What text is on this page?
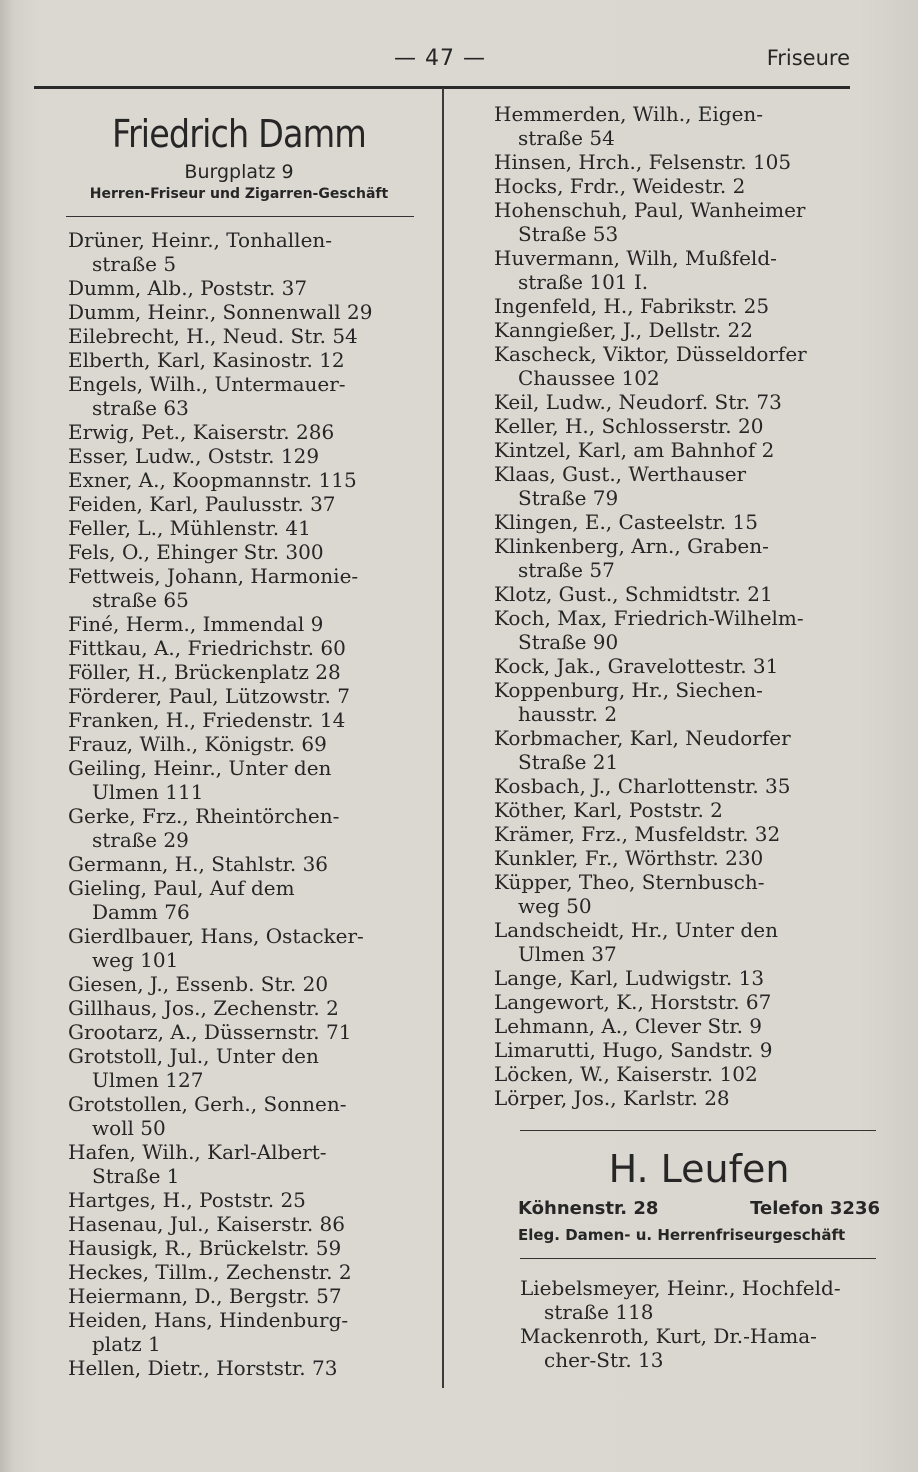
— 47 —	Friseure
Friedrich Damm
Burgplatz 9
Herren-Friseur und Zigarren-Geschäft
Drüner, Heinr., Tonhallen-
straße 5
Dumm, Alb., Poststr. 37
Dumm, Heinr., Sonnenwall 29
Eilebrecht, H., Neud. Str. 54
Elberth, Karl, Kasinostr. 12
Engels, Wilh., Untermauer-
straße 63
Erwig, Pet., Kaiserstr. 286
Esser, Ludw., Oststr. 129
Exner, A., Koopmannstr. 115
Feiden, Karl, Paulusstr. 37
Feller, L., Mühlenstr. 41
Fels, O., Ehinger Str. 300
Fettweis, Johann, Harmonie-
straße 65
Finé, Herm., Immendal 9
Fittkau, A., Friedrichstr. 60
Föller, H., Brückenplatz 28
Förderer, Paul, Lützowstr. 7
Franken, H., Friedenstr. 14
Frauz, Wilh., Königstr. 69
Geiling, Heinr., Unter den
Ulmen 111
Gerke, Frz., Rheintörchen-
straße 29
Germann, H., Stahlstr. 36
Gieling, Paul, Auf dem
Damm 76
Gierdlbauer, Hans, Ostacker-
weg 101
Giesen, J., Essenb. Str. 20
Gillhaus, Jos., Zechenstr. 2
Grootarz, A., Düssernstr. 71
Grotstoll, Jul., Unter den
Ulmen 127
Grotstollen, Gerh., Sonnen-
woll 50
Hafen, Wilh., Karl-Albert-
Straße 1
Hartges, H., Poststr. 25
Hasenau, Jul., Kaiserstr. 86
Hausigk, R., Brückelstr. 59
Heckes, Tillm., Zechenstr. 2
Heiermann, D., Bergstr. 57
Heiden, Hans, Hindenburg-
platz 1
Hellen, Dietr., Horststr. 73
Hemmerden, Wilh., Eigen-
straße 54
Hinsen, Hrch., Felsenstr. 105
Hocks, Frdr., Weidestr. 2
Hohenschuh, Paul, Wanheimer
Straße 53
Huvermann, Wilh, Mußfeld-
straße 101 I.
Ingenfeld, H., Fabrikstr. 25
Kanngießer, J., Dellstr. 22
Kascheck, Viktor, Düsseldorfer
Chaussee 102
Keil, Ludw., Neudorf. Str. 73
Keller, H., Schlosserstr. 20
Kintzel, Karl, am Bahnhof 2
Klaas, Gust., Werthauser
Straße 79
Klingen, E., Casteelstr. 15
Klinkenberg, Arn., Graben-
straße 57
Klotz, Gust., Schmidtstr. 21
Koch, Max, Friedrich-Wilhelm-
Straße 90
Kock, Jak., Gravelottestr. 31
Koppenburg, Hr., Siechen-
hausstr. 2
Korbmacher, Karl, Neudorfer
Straße 21
Kosbach, J., Charlottenstr. 35
Köther, Karl, Poststr. 2
Krämer, Frz., Musfeldstr. 32
Kunkler, Fr., Wörthstr. 230
Küpper, Theo, Sternbusch-
weg 50
Landscheidt, Hr., Unter den
Ulmen 37
Lange, Karl, Ludwigstr. 13
Langewort, K., Horststr. 67
Lehmann, A., Clever Str. 9
Limarutti, Hugo, Sandstr. 9
Löcken, W., Kaiserstr. 102
Lörper, Jos., Karlstr. 28
H. Leufen
Köhnenstr. 28	Telefon 3236
Eleg. Damen- u. Herrenfriseurgeschäft
Liebelsmeyer, Heinr., Hochfeld-
straße 118
Mackenroth, Kurt, Dr.-Hama-
cher-Str. 13
